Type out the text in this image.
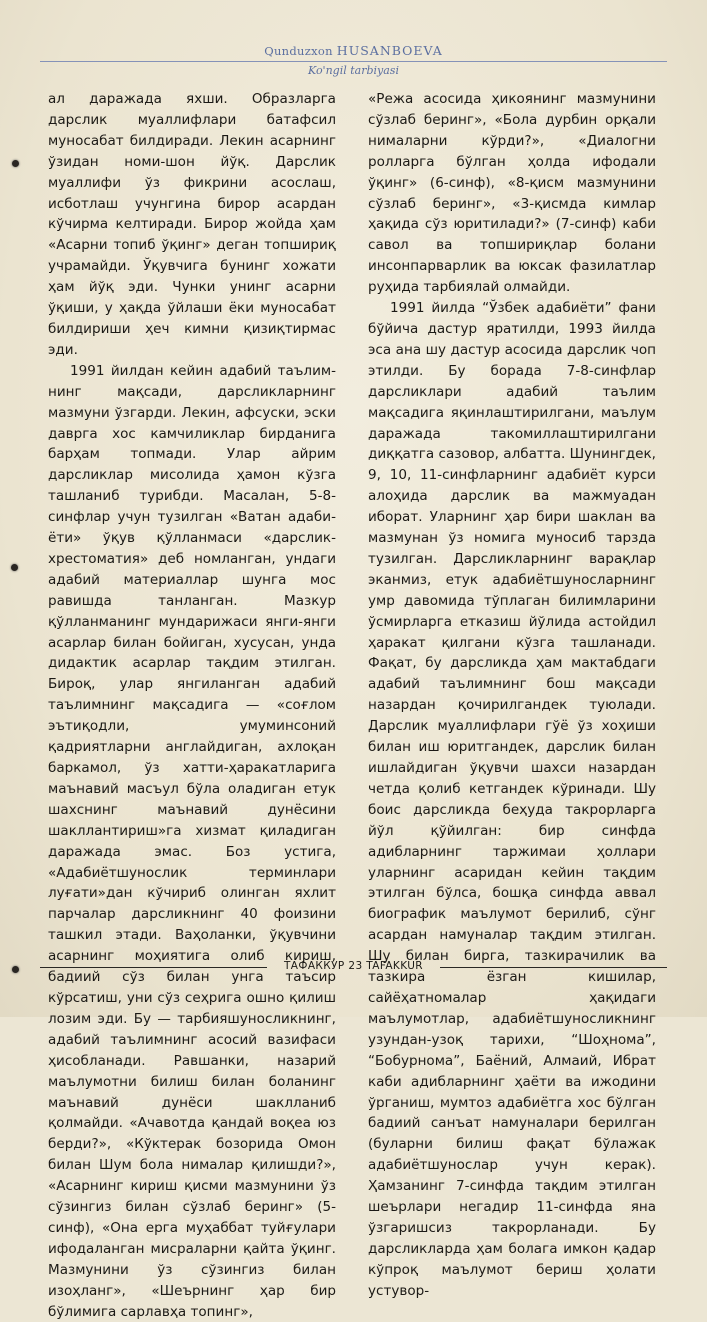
Qunduzxon HUSANBOEVA
Ko'ngil tarbiyasi

ал даражада яхши. Образларга дарслик муаллифлари батафсил муносабат билдиради. Лекин асарнинг ўзидан номи-шон йўқ. Дарслик муаллифи ўз фикрини асослаш, исботлаш учунгина бирор асардан кўчирма келтиради. Бирор жойда ҳам «Асарни топиб ўқинг» деган топшириқ учрамайди. Ўқувчига бунинг хожати ҳам йўқ эди. Чунки унинг асарни ўқиши, у ҳақда ўйлаши ёки муносабат билдириши ҳеч кимни қизиқтирмас эди.

1991 йилдан кейин адабий таълимнинг мақсади, дарсликларнинг мазмуни ўзгарди. Лекин, афсуски, эски даврга хос камчиликлар бирданига барҳам топмади. Улар айрим дарсликлар мисолида ҳамон кўзга ташланиб турибди. Масалан, 5-8-синфлар учун тузилган «Ватан адабиёти» ўқув қўлланмаси «дарслик-хрестоматия» деб номланган, ундаги адабий материаллар шунга мос равишда танланган. Мазкур қўлланманинг мундарижаси янги-янги асарлар билан бойиган, хусусан, унда дидактик асарлар тақдим этилган. Бироқ, улар янгиланган адабий таълимнинг мақсадига — «соғлом эътиқодли, умуминсоний қадриятларни англайдиган, ахлоқан баркамол, ўз хатти-ҳаракатларига маънавий масъул бўла оладиган етук шахснинг маънавий дунёсини шакллантириш»га хизмат қиладиган даражада эмас. Боз устига, «Адабиётшунослик терминлари луғати»дан кўчириб олинган яхлит парчалар дарсликнинг 40 фоизини ташкил этади. Ваҳоланки, ўқувчини асарнинг моҳиятига олиб кириш, бадиий сўз билан унга таъсир кўрсатиш, уни сўз сеҳрига ошно қилиш лозим эди. Бу — тарбияшуносликнинг, адабий таълимнинг асосий вазифаси ҳисобланади. Равшанки, назарий маълумотни билиш билан боланинг маънавий дунёси шаклланиб қолмайди. «Ачавотда қандай воқеа юз берди?», «Кўктерак бозорида Омон билан Шум бола нималар қилишди?», «Асарнинг кириш қисми мазмунини ўз сўзингиз билан сўзлаб беринг» (5-синф), «Она ерга муҳаббат туйғулари ифодаланган мисраларни қайта ўқинг. Мазмунини ўз сўзингиз билан изоҳланг», «Шеърнинг ҳар бир бўлимига сарлавҳа топинг»,

«Режа асосида ҳикоянинг мазмунини сўзлаб беринг», «Бола дурбин орқали нималарни кўрди?», «Диалогни ролларга бўлган ҳолда ифодали ўқинг» (6-синф), «8-қисм мазмунини сўзлаб беринг», «3-қисмда кимлар ҳақида сўз юритилади?» (7-синф) каби савол ва топшириқлар болани инсонпарварлик ва юксак фазилатлар руҳида тарбиялай олмайди.

1991 йилда “Ўзбек адабиёти” фани бўйича дастур яратилди, 1993 йилда эса ана шу дастур асосида дарслик чоп этилди. Бу борада 7-8-синфлар дарсликлари адабий таълим мақсадига яқинлаштирилгани, маълум даражада такомиллаштирилгани диққатга сазовор, албатта. Шунингдек, 9, 10, 11-синфларнинг адабиёт курси алоҳида дарслик ва мажмуадан иборат. Уларнинг ҳар бири шаклан ва мазмунан ўз номига муносиб тарзда тузилган. Дарсликларнинг варақлар эканмиз, етук адабиётшуносларнинг умр давомида тўплаган билимларини ўсмирларга етказиш йўлида астойдил ҳаракат қилгани кўзга ташланади. Фақат, бу дарсликда ҳам мактабдаги адабий таълимнинг бош мақсади назардан қочирилгандек туюлади. Дарслик муаллифлари гўё ўз хоҳиши билан иш юритгандек, дарслик билан ишлайдиган ўқувчи шахси назардан четда қолиб кетгандек кўринади. Шу боис дарсликда беҳуда такрорларга йўл қўйилган: бир синфда адибларнинг таржимаи ҳоллари уларнинг асаридан кейин тақдим этилган бўлса, бошқа синфда аввал биографик маълумот берилиб, сўнг асардан намуналар тақдим этилган. Шу билан бирга, тазкирачилик ва тазкира ёзган кишилар, сайёҳатномалар ҳақидаги маълумотлар, адабиётшуносликнинг узундан-узоқ тарихи, “Шоҳнома”, “Бобурнома”, Баёний, Алмаий, Ибрат каби адибларнинг ҳаёти ва ижодини ўрганиш, мумтоз адабиётга хос бўлган бадиий санъат намуналари берилган (буларни билиш фақат бўлажак адабиётшунослар учун керак). Ҳамзанинг 7-синфда тақдим этилган шеърлари негадир 11-синфда яна ўзгаришсиз такрорланади. Бу дарсликларда ҳам болага имкон қадар кўпроқ маълумот бериш ҳолати устувор-

ТАФАККУР 23 TAFAKKUR
